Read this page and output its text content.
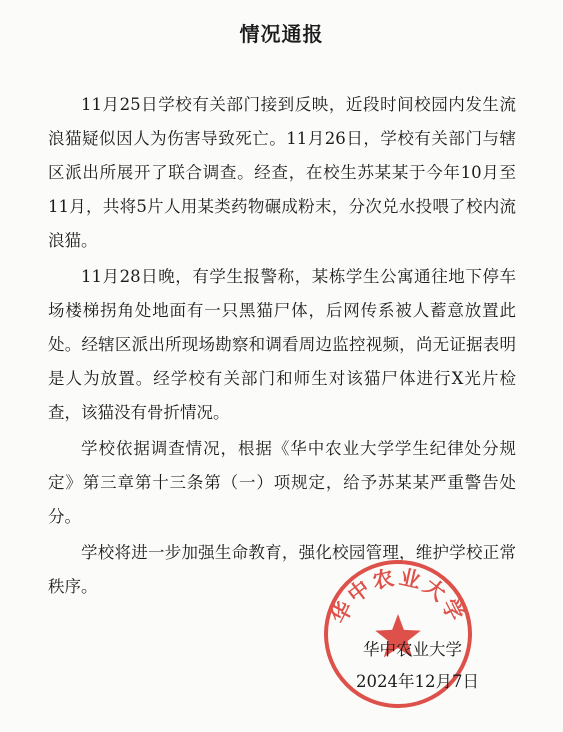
情况通报

11月25日学校有关部门接到反映，近段时间校园内发生流浪猫疑似因人为伤害导致死亡。11月26日，学校有关部门与辖区派出所展开了联合调查。经查，在校生苏某某于今年10月至11月，共将5片人用某类药物碾成粉末，分次兑水投喂了校内流浪猫。

11月28日晚，有学生报警称，某栋学生公寓通往地下停车场楼梯拐角处地面有一只黑猫尸体，后网传系被人蓄意放置此处。经辖区派出所现场勘察和调看周边监控视频，尚无证据表明是人为放置。经学校有关部门和师生对该猫尸体进行X光片检查，该猫没有骨折情况。

学校依据调查情况，根据《华中农业大学学生纪律处分规定》第三章第十三条第（一）项规定，给予苏某某严重警告处分。

学校将进一步加强生命教育，强化校园管理，维护学校正常秩序。

华中农业大学
华中农业大学
2024年12月7日
